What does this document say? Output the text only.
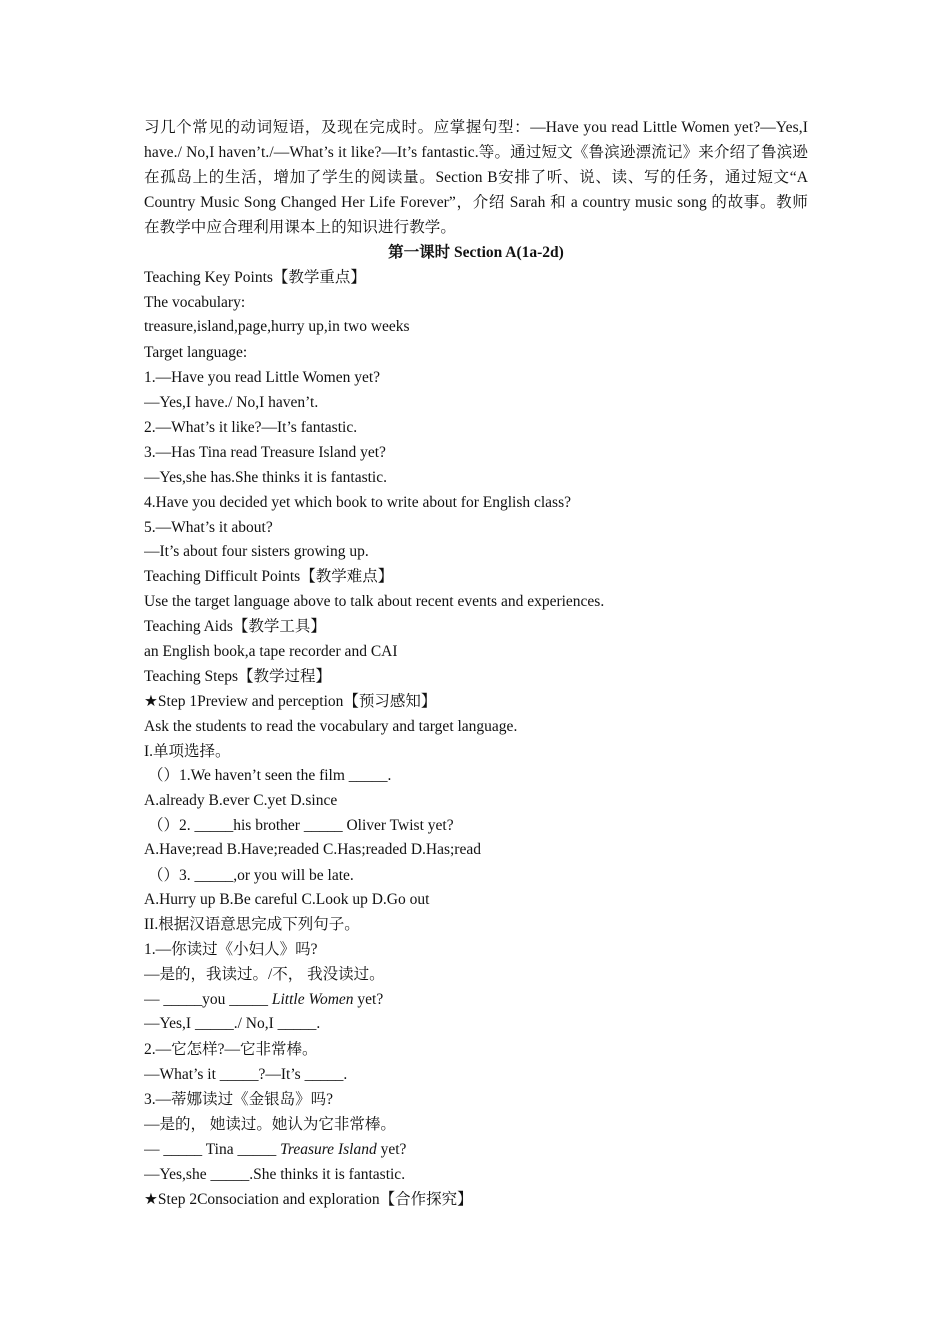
习几个常见的动词短语，及现在完成时。应掌握句型：—Have you read Little Women yet?—Yes,I have./ No,I haven’t./—What’s it like?—It’s fantastic.等。通过短文《鲁滨逊漂流记》来介绍了鲁滨逊在孤岛上的生活，增加了学生的阅读量。Section B安排了听、说、读、写的任务，通过短文“A Country Music Song Changed Her Life Forever”，介绍 Sarah 和 a country music song 的故事。教师在教学中应合理利用课本上的知识进行教学。

第一课时 Section A(1a-2d)

Teaching Key Points【教学重点】

The vocabulary:

treasure,island,page,hurry up,in two weeks

Target language:

1.—Have you read Little Women yet?

—Yes,I have./ No,I haven’t.

2.—What’s it like?—It’s fantastic.

3.—Has Tina read Treasure Island yet?

—Yes,she has.She thinks it is fantastic.

4.Have you decided yet which book to write about for English class?

5.—What’s it about?

—It’s about four sisters growing up.

Teaching Difficult Points【教学难点】

Use the target language above to talk about recent events and experiences.

Teaching Aids【教学工具】

an English book,a tape recorder and CAI

Teaching Steps【教学过程】

★Step 1Preview and perception【预习感知】

Ask the students to read the vocabulary and target language.

I.单项选择。

（）1.We haven’t seen the film _____.

A.already B.ever C.yet D.since

（）2. _____his brother _____ Oliver Twist yet?

A.Have;read B.Have;readed C.Has;readed D.Has;read

（）3. _____,or you will be late.

A.Hurry up B.Be careful C.Look up D.Go out

II.根据汉语意思完成下列句子。

1.—你读过《小妇人》吗?

—是的，我读过。/不， 我没读过。

— _____you _____ Little Women yet?

—Yes,I _____./ No,I _____.

2.—它怎样?—它非常棒。

—What’s it _____?—It’s _____.

3.—蒂娜读过《金银岛》吗?

—是的， 她读过。她认为它非常棒。

— _____ Tina _____ Treasure Island yet?

—Yes,she _____.She thinks it is fantastic.

★Step 2Consociation and exploration【合作探究】
